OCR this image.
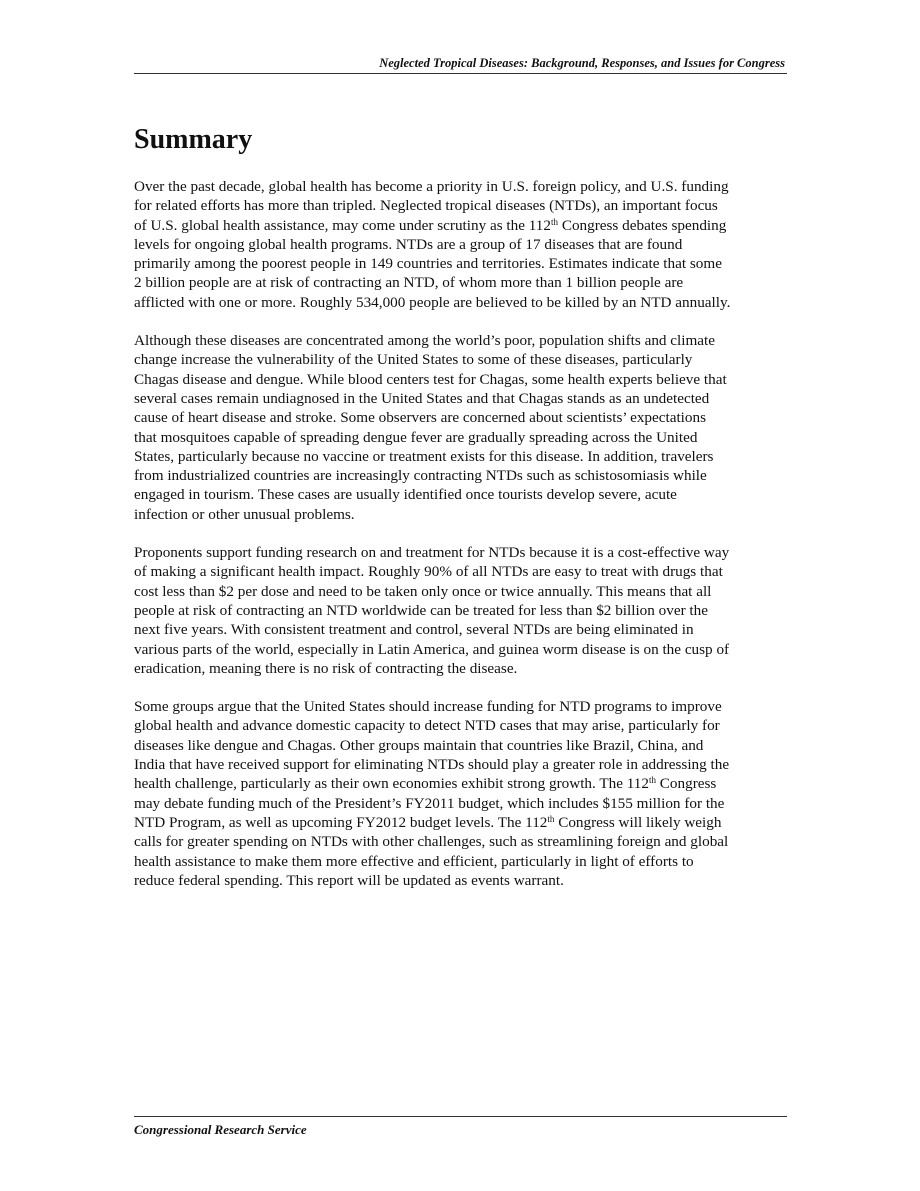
Neglected Tropical Diseases: Background, Responses, and Issues for Congress
Summary

Over the past decade, global health has become a priority in U.S. foreign policy, and U.S. funding
for related efforts has more than tripled. Neglected tropical diseases (NTDs), an important focus
of U.S. global health assistance, may come under scrutiny as the 112th Congress debates spending
levels for ongoing global health programs. NTDs are a group of 17 diseases that are found
primarily among the poorest people in 149 countries and territories. Estimates indicate that some
2 billion people are at risk of contracting an NTD, of whom more than 1 billion people are
afflicted with one or more. Roughly 534,000 people are believed to be killed by an NTD annually.

Although these diseases are concentrated among the world’s poor, population shifts and climate
change increase the vulnerability of the United States to some of these diseases, particularly
Chagas disease and dengue. While blood centers test for Chagas, some health experts believe that
several cases remain undiagnosed in the United States and that Chagas stands as an undetected
cause of heart disease and stroke. Some observers are concerned about scientists’ expectations
that mosquitoes capable of spreading dengue fever are gradually spreading across the United
States, particularly because no vaccine or treatment exists for this disease. In addition, travelers
from industrialized countries are increasingly contracting NTDs such as schistosomiasis while
engaged in tourism. These cases are usually identified once tourists develop severe, acute
infection or other unusual problems.

Proponents support funding research on and treatment for NTDs because it is a cost-effective way
of making a significant health impact. Roughly 90% of all NTDs are easy to treat with drugs that
cost less than $2 per dose and need to be taken only once or twice annually. This means that all
people at risk of contracting an NTD worldwide can be treated for less than $2 billion over the
next five years. With consistent treatment and control, several NTDs are being eliminated in
various parts of the world, especially in Latin America, and guinea worm disease is on the cusp of
eradication, meaning there is no risk of contracting the disease.

Some groups argue that the United States should increase funding for NTD programs to improve
global health and advance domestic capacity to detect NTD cases that may arise, particularly for
diseases like dengue and Chagas. Other groups maintain that countries like Brazil, China, and
India that have received support for eliminating NTDs should play a greater role in addressing the
health challenge, particularly as their own economies exhibit strong growth. The 112th Congress
may debate funding much of the President’s FY2011 budget, which includes $155 million for the
NTD Program, as well as upcoming FY2012 budget levels. The 112th Congress will likely weigh
calls for greater spending on NTDs with other challenges, such as streamlining foreign and global
health assistance to make them more effective and efficient, particularly in light of efforts to
reduce federal spending. This report will be updated as events warrant.

Congressional Research Service
